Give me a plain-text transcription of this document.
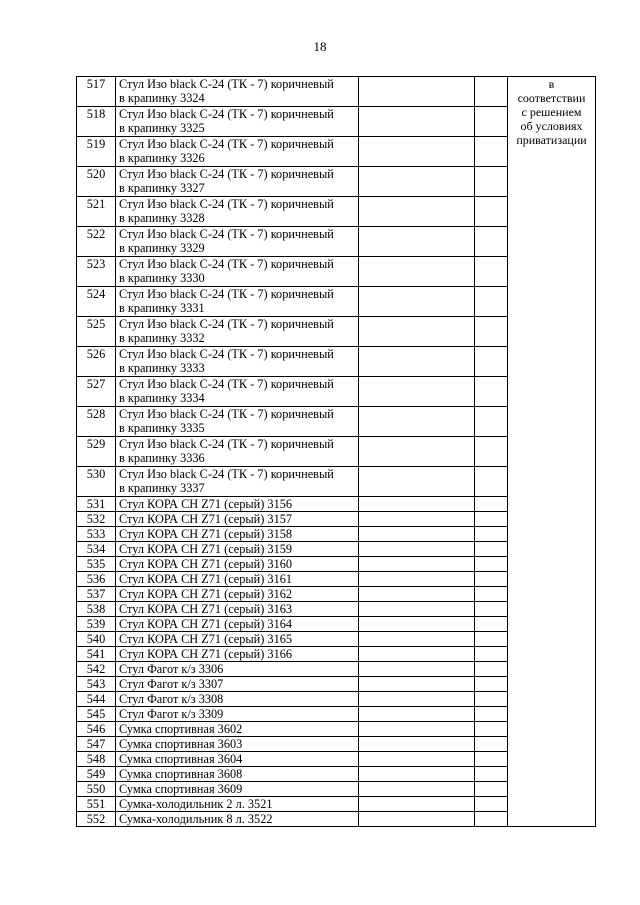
18
517	Стул Изо black C-24 (ТК - 7) коричневый
в крапинку 3324			в
соответствии
с решением
об условиях
приватизации

518	Стул Изо black C-24 (ТК - 7) коричневый
в крапинку 3325			
519	Стул Изо black C-24 (ТК - 7) коричневый
в крапинку 3326			
520	Стул Изо black C-24 (ТК - 7) коричневый
в крапинку 3327			
521	Стул Изо black C-24 (ТК - 7) коричневый
в крапинку 3328			
522	Стул Изо black C-24 (ТК - 7) коричневый
в крапинку 3329			
523	Стул Изо black C-24 (ТК - 7) коричневый
в крапинку 3330			
524	Стул Изо black C-24 (ТК - 7) коричневый
в крапинку 3331			
525	Стул Изо black C-24 (ТК - 7) коричневый
в крапинку 3332			
526	Стул Изо black C-24 (ТК - 7) коричневый
в крапинку 3333			
527	Стул Изо black C-24 (ТК - 7) коричневый
в крапинку 3334			
528	Стул Изо black C-24 (ТК - 7) коричневый
в крапинку 3335			
529	Стул Изо black C-24 (ТК - 7) коричневый
в крапинку 3336			
530	Стул Изо black C-24 (ТК - 7) коричневый
в крапинку 3337			
531	Стул КОРА CH Z71 (серый) 3156			
532	Стул КОРА CH Z71 (серый) 3157			
533	Стул КОРА CH Z71 (серый) 3158			
534	Стул КОРА CH Z71 (серый) 3159			
535	Стул КОРА CH Z71 (серый) 3160			
536	Стул КОРА CH Z71 (серый) 3161			
537	Стул КОРА CH Z71 (серый) 3162			
538	Стул КОРА CH Z71 (серый) 3163			
539	Стул КОРА CH Z71 (серый) 3164			
540	Стул КОРА CH Z71 (серый) 3165			
541	Стул КОРА CH Z71 (серый) 3166			
542	Стул Фагот к/з 3306			
543	Стул Фагот к/з 3307			
544	Стул Фагот к/з 3308			
545	Стул Фагот к/з 3309			
546	Сумка спортивная 3602			
547	Сумка спортивная 3603			
548	Сумка спортивная 3604			
549	Сумка спортивная 3608			
550	Сумка спортивная 3609			
551	Сумка-холодильник 2 л. 3521			
552	Сумка-холодильник 8 л. 3522			
